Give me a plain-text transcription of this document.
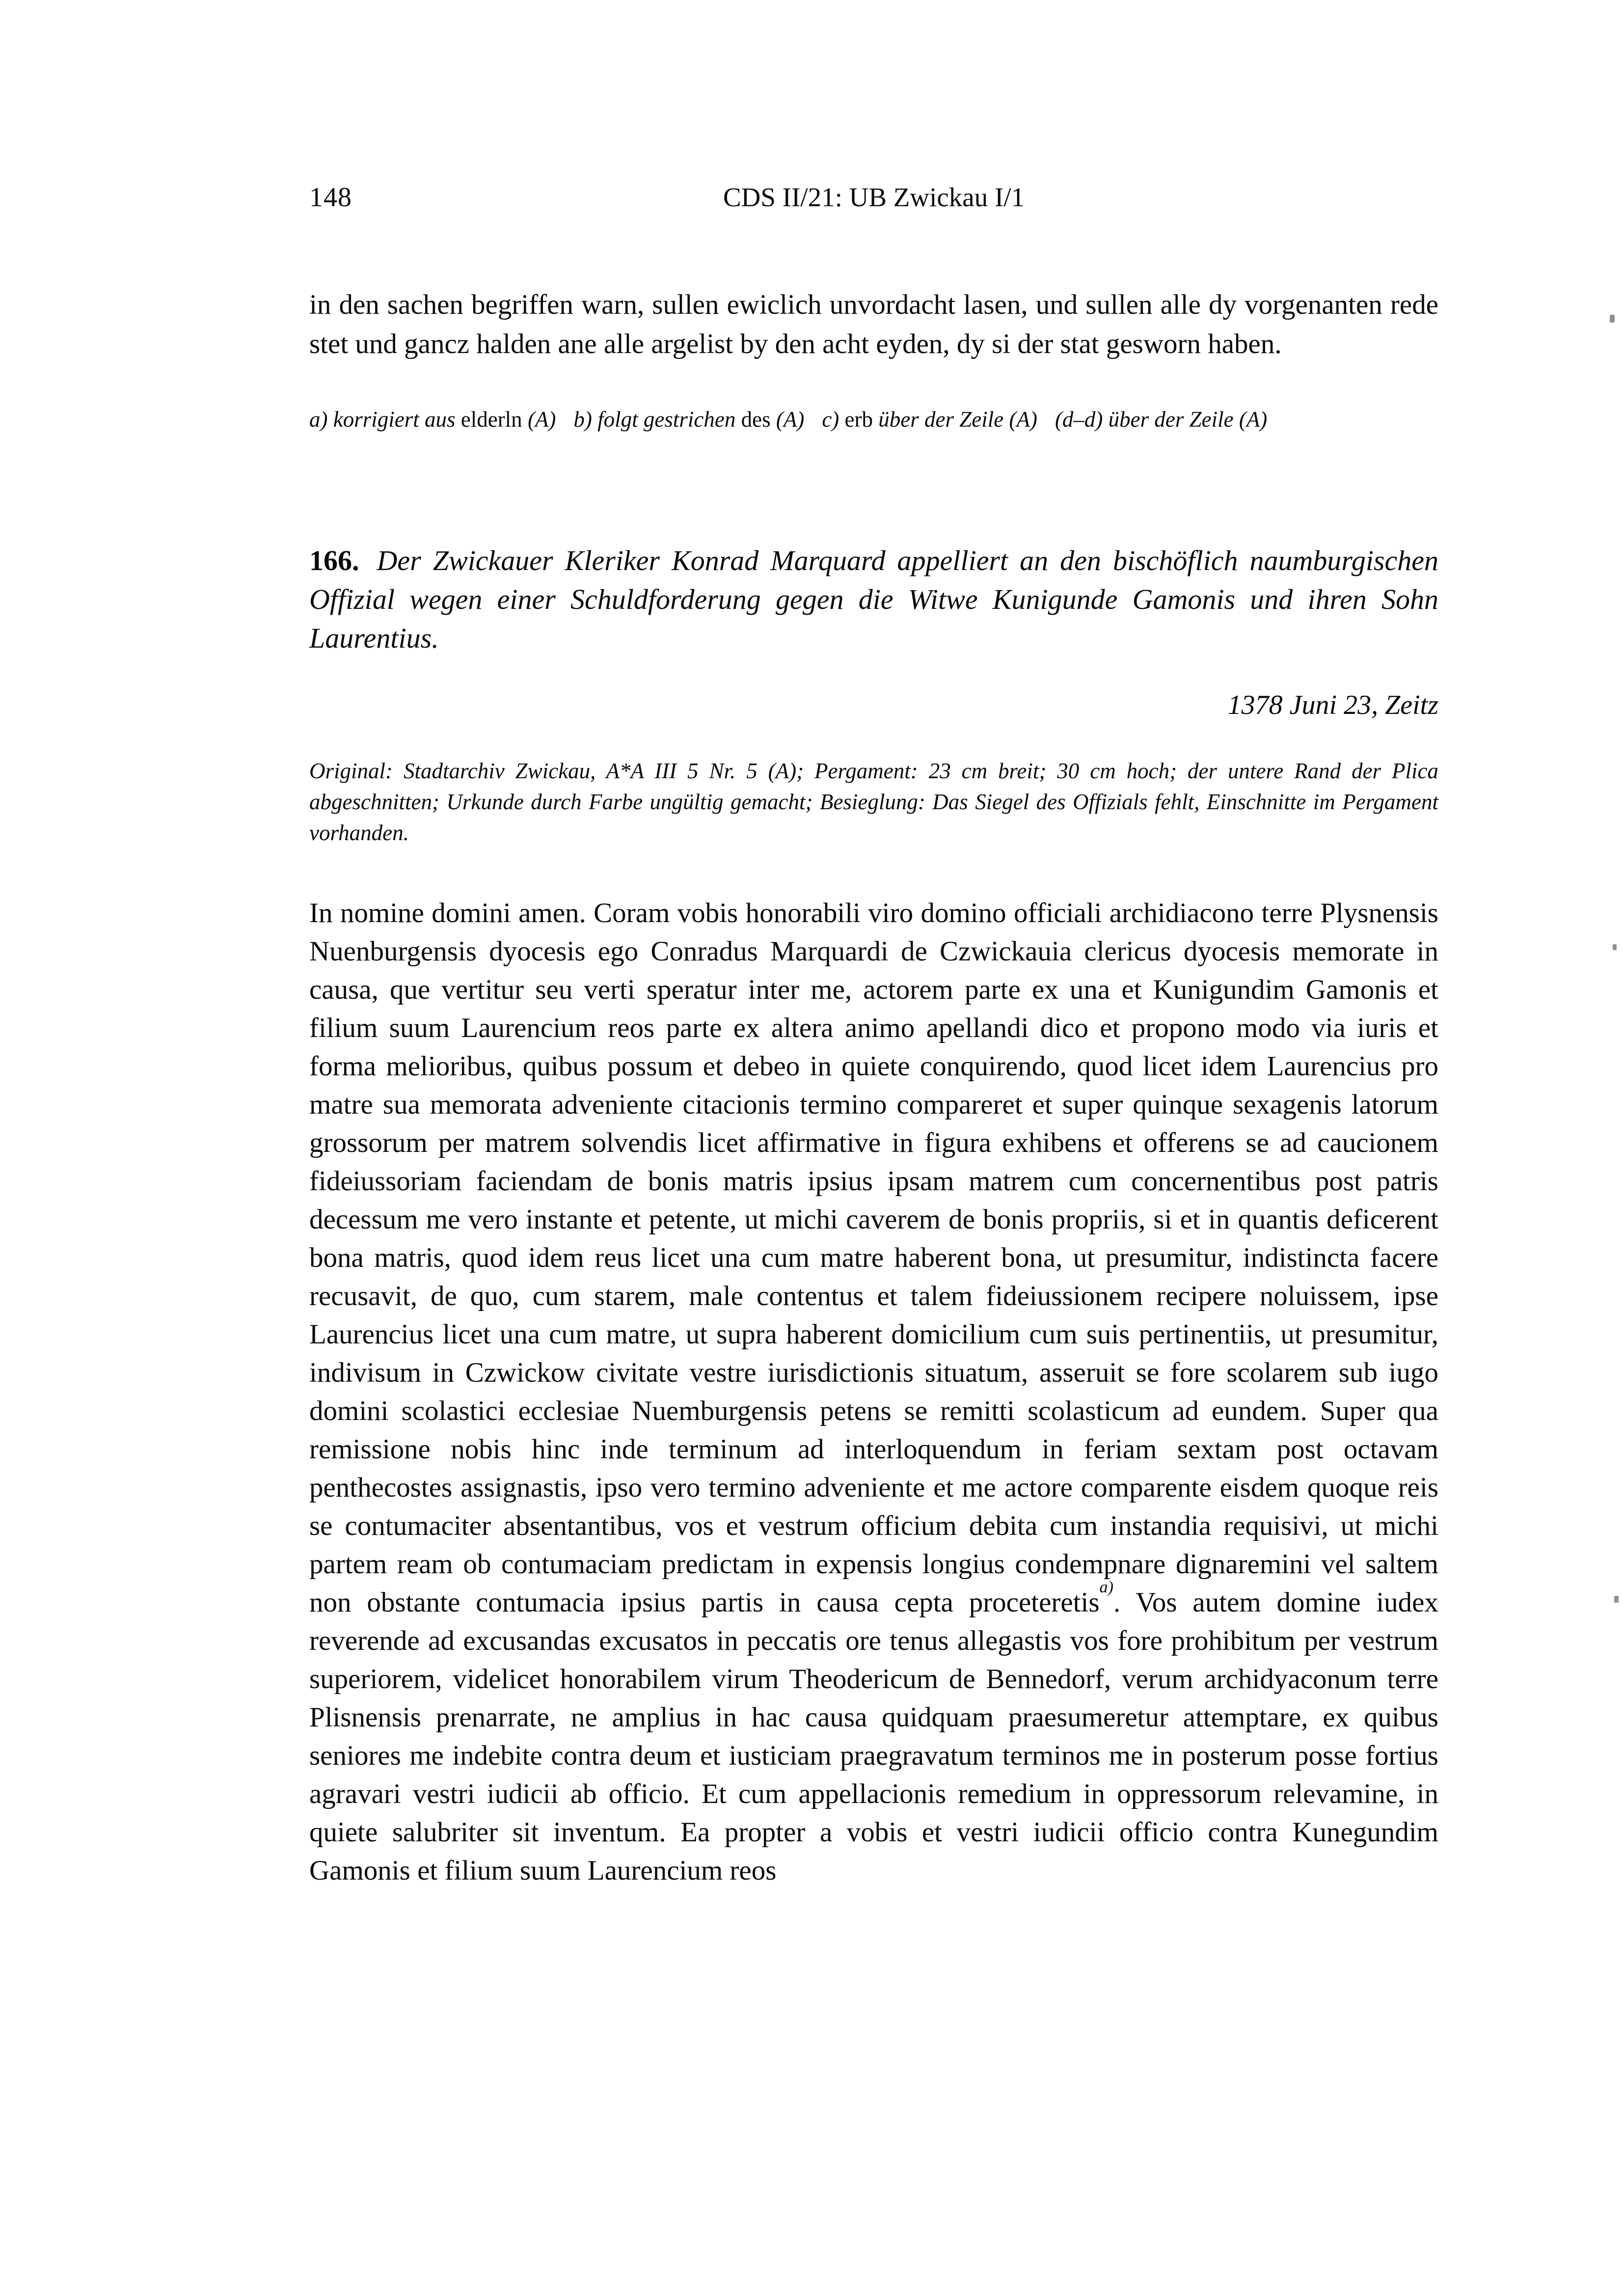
148	CDS II/21: UB Zwickau I/1

in den sachen begriffen warn, sullen ewiclich unvordacht lasen, und sullen alle dy vorgenanten rede stet und gancz halden ane alle argelist by den acht eyden, dy si der stat gesworn haben.

a) korrigiert aus elderln (A) b) folgt gestrichen des (A) c) erb über der Zeile (A) (d–d) über der Zeile (A)

166. Der Zwickauer Kleriker Konrad Marquard appelliert an den bischöflich naumburgischen Offizial wegen einer Schuldforderung gegen die Witwe Kunigunde Gamonis und ihren Sohn Laurentius.

1378 Juni 23, Zeitz

Original: Stadtarchiv Zwickau, A*A III 5 Nr. 5 (A); Pergament: 23 cm breit; 30 cm hoch; der untere Rand der Plica abgeschnitten; Urkunde durch Farbe ungültig gemacht; Besieglung: Das Siegel des Offizials fehlt, Einschnitte im Pergament vorhanden.

In nomine domini amen. Coram vobis honorabili viro domino officiali archidiacono terre Plysnensis Nuenburgensis dyocesis ego Conradus Marquardi de Czwickauia clericus dyocesis memorate in causa, que vertitur seu verti speratur inter me, actorem parte ex una et Kunigundim Gamonis et filium suum Laurencium reos parte ex altera animo apellandi dico et propono modo via iuris et forma melioribus, quibus possum et debeo in quiete conquirendo, quod licet idem Laurencius pro matre sua memorata adveniente citacionis termino compareret et super quinque sexagenis latorum grossorum per matrem solvendis licet affirmative in figura exhibens et offerens se ad caucionem fideiussoriam faciendam de bonis matris ipsius ipsam matrem cum concernentibus post patris decessum me vero instante et petente, ut michi caverem de bonis propriis, si et in quantis deficerent bona matris, quod idem reus licet una cum matre haberent bona, ut presumitur, indistincta facere recusavit, de quo, cum starem, male contentus et talem fideiussionem recipere noluissem, ipse Laurencius licet una cum matre, ut supra haberent domicilium cum suis pertinentiis, ut presumitur, indivisum in Czwickow civitate vestre iurisdictionis situatum, asseruit se fore scolarem sub iugo domini scolastici ecclesiae Nuemburgensis petens se remitti scolasticum ad eundem. Super qua remissione nobis hinc inde terminum ad interloquendum in feriam sextam post octavam penthecostes assignastis, ipso vero termino adveniente et me actore comparente eisdem quoque reis se contumaciter absentantibus, vos et vestrum officium debita cum instandia requisivi, ut michi partem ream ob contumaciam predictam in expensis longius condempnare dignaremini vel saltem non obstante contumacia ipsius partis in causa cepta proceteretis$^{a)}$. Vos autem domine iudex reverende ad excusandas excusatos in peccatis ore tenus allegastis vos fore prohibitum per vestrum superiorem, videlicet honorabilem virum Theodericum de Bennedorf, verum archidyaconum terre Plisnensis prenarrate, ne amplius in hac causa quidquam praesumeretur attemptare, ex quibus seniores me indebite contra deum et iusticiam praegravatum terminos me in posterum posse fortius agravari vestri iudicii ab officio. Et cum appellacionis remedium in oppressorum relevamine, in quiete salubriter sit inventum. Ea propter a vobis et vestri iudicii officio contra Kunegundim Gamonis et filium suum Laurencium reos
